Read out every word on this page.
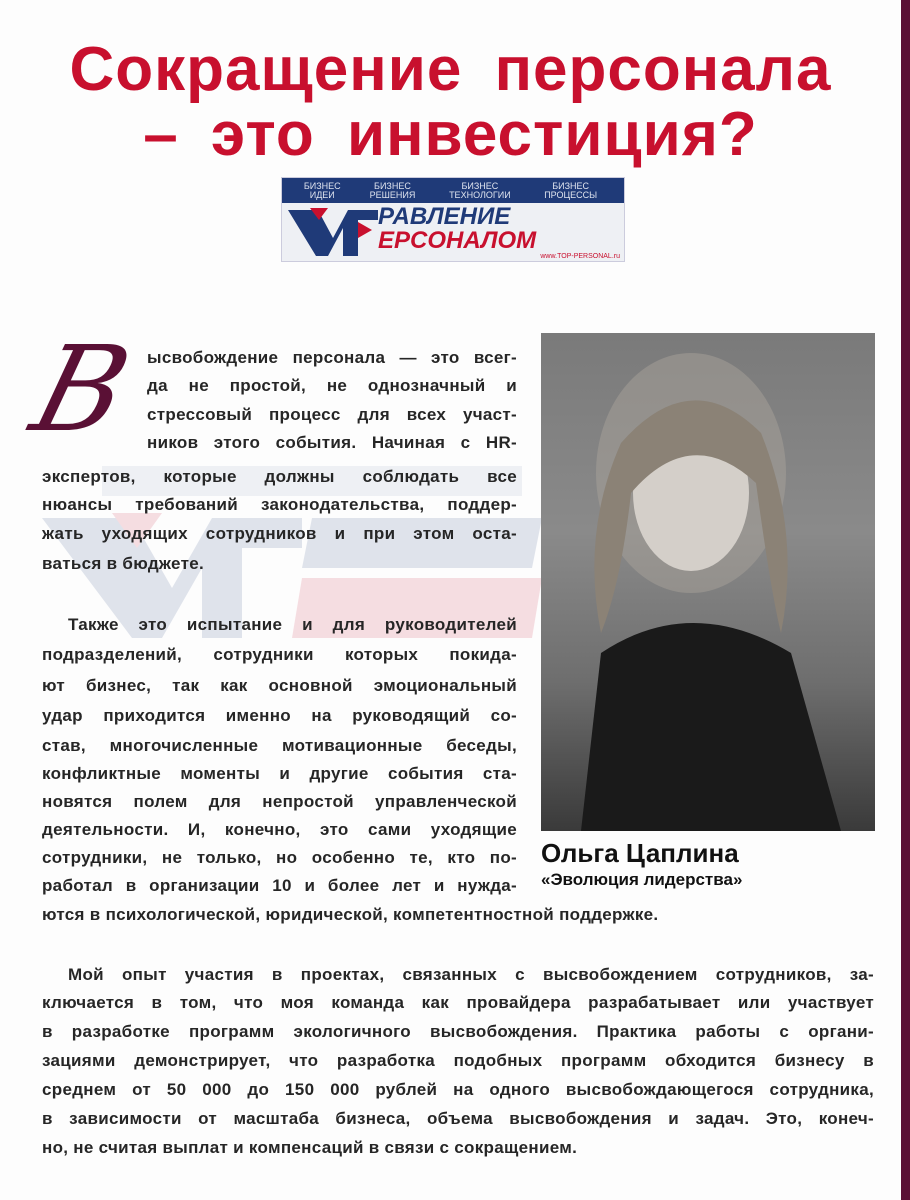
Сокращение персонала
– это инвестиция?
БИЗНЕС ИДЕИ
БИЗНЕС РЕШЕНИЯ
БИЗНЕС ТЕХНОЛОГИИ
БИЗНЕС ПРОЦЕССЫ
РАВЛЕНИЕ
ЕРСОНАЛОМ
www.TOP-PERSONAL.ru
В ысвобождение персонала — это всег-
да не простой, не однозначный и
стрессовый процесс для всех участ-
ников этого события. Начиная с HR-
экспертов, которые должны соблюдать все
нюансы требований законодательства, поддер-
жать уходящих сотрудников и при этом оста-
ваться в бюджете.
Также это испытание и для руководителей
подразделений, сотрудники которых покида-
ют бизнес, так как основной эмоциональный
удар приходится именно на руководящий со-
став, многочисленные мотивационные беседы,
конфликтные моменты и другие события ста-
новятся полем для непростой управленческой
деятельности. И, конечно, это сами уходящие
сотрудники, не только, но особенно те, кто по-
работал в организации 10 и более лет и нужда-
ются в психологической, юридической, компетентностной поддержке.
Мой опыт участия в проектах, связанных с высвобождением сотрудников, за-
ключается в том, что моя команда как провайдера разрабатывает или участвует
в разработке программ экологичного высвобождения. Практика работы с органи-
зациями демонстрирует, что разработка подобных программ обходится бизнесу в
среднем от 50 000 до 150 000 рублей на одного высвобождающегося сотрудника,
в зависимости от масштаба бизнеса, объема высвобождения и задач. Это, конеч-
но, не считая выплат и компенсаций в связи с сокращением.
Ольга Цаплина
«Эволюция лидерства»
